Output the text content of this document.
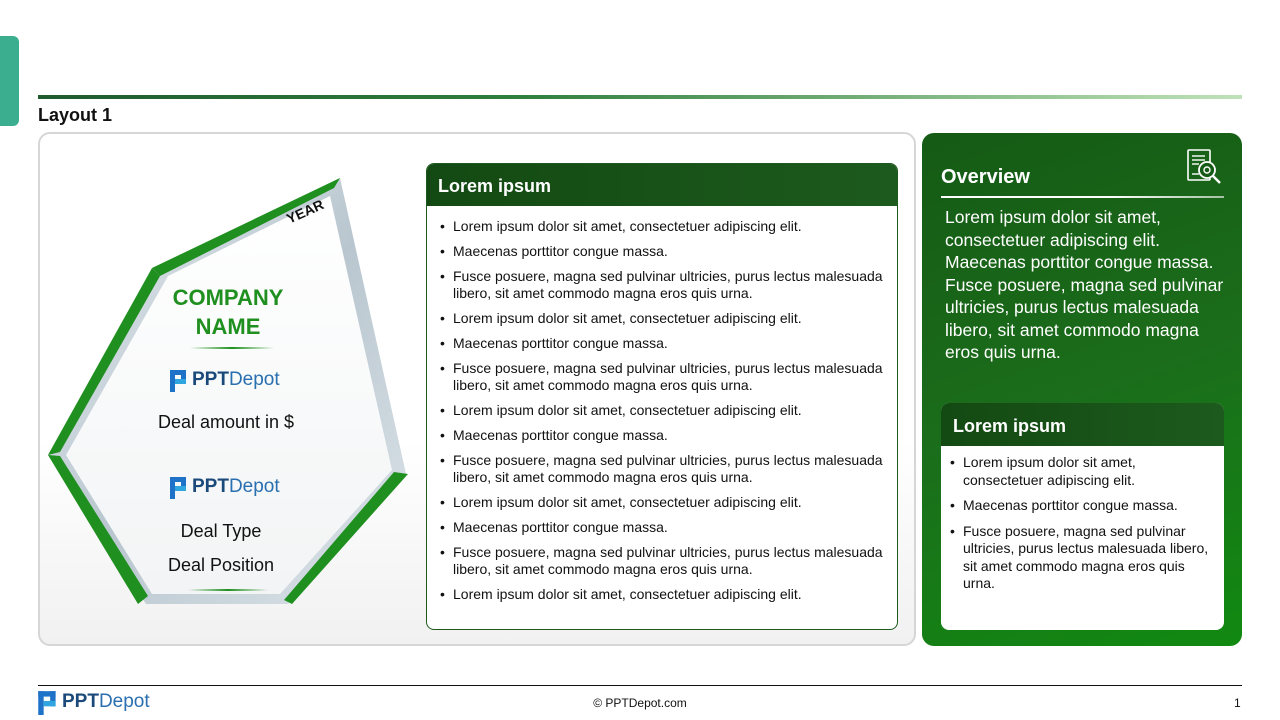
Layout 1
YEAR
COMPANY NAME
PPTDepot
Deal amount in $
PPTDepot
Deal Type
Deal Position
Lorem ipsum
• Lorem ipsum dolor sit amet, consectetuer adipiscing elit.
• Maecenas porttitor congue massa.
• Fusce posuere, magna sed pulvinar ultricies, purus lectus malesuada libero, sit amet commodo magna eros quis urna.
• Lorem ipsum dolor sit amet, consectetuer adipiscing elit.
• Maecenas porttitor congue massa.
• Fusce posuere, magna sed pulvinar ultricies, purus lectus malesuada libero, sit amet commodo magna eros quis urna.
• Lorem ipsum dolor sit amet, consectetuer adipiscing elit.
• Maecenas porttitor congue massa.
• Fusce posuere, magna sed pulvinar ultricies, purus lectus malesuada libero, sit amet commodo magna eros quis urna.
• Lorem ipsum dolor sit amet, consectetuer adipiscing elit.
• Maecenas porttitor congue massa.
• Fusce posuere, magna sed pulvinar ultricies, purus lectus malesuada libero, sit amet commodo magna eros quis urna.
• Lorem ipsum dolor sit amet, consectetuer adipiscing elit.
Overview
Lorem ipsum dolor sit amet, consectetuer adipiscing elit. Maecenas porttitor congue massa. Fusce posuere, magna sed pulvinar ultricies, purus lectus malesuada libero, sit amet commodo magna eros quis urna.
Lorem ipsum
• Lorem ipsum dolor sit amet, consectetuer adipiscing elit.
• Maecenas porttitor congue massa.
• Fusce posuere, magna sed pulvinar ultricies, purus lectus malesuada libero, sit amet commodo magna eros quis urna.
PPTDepot	© PPTDepot.com	1
